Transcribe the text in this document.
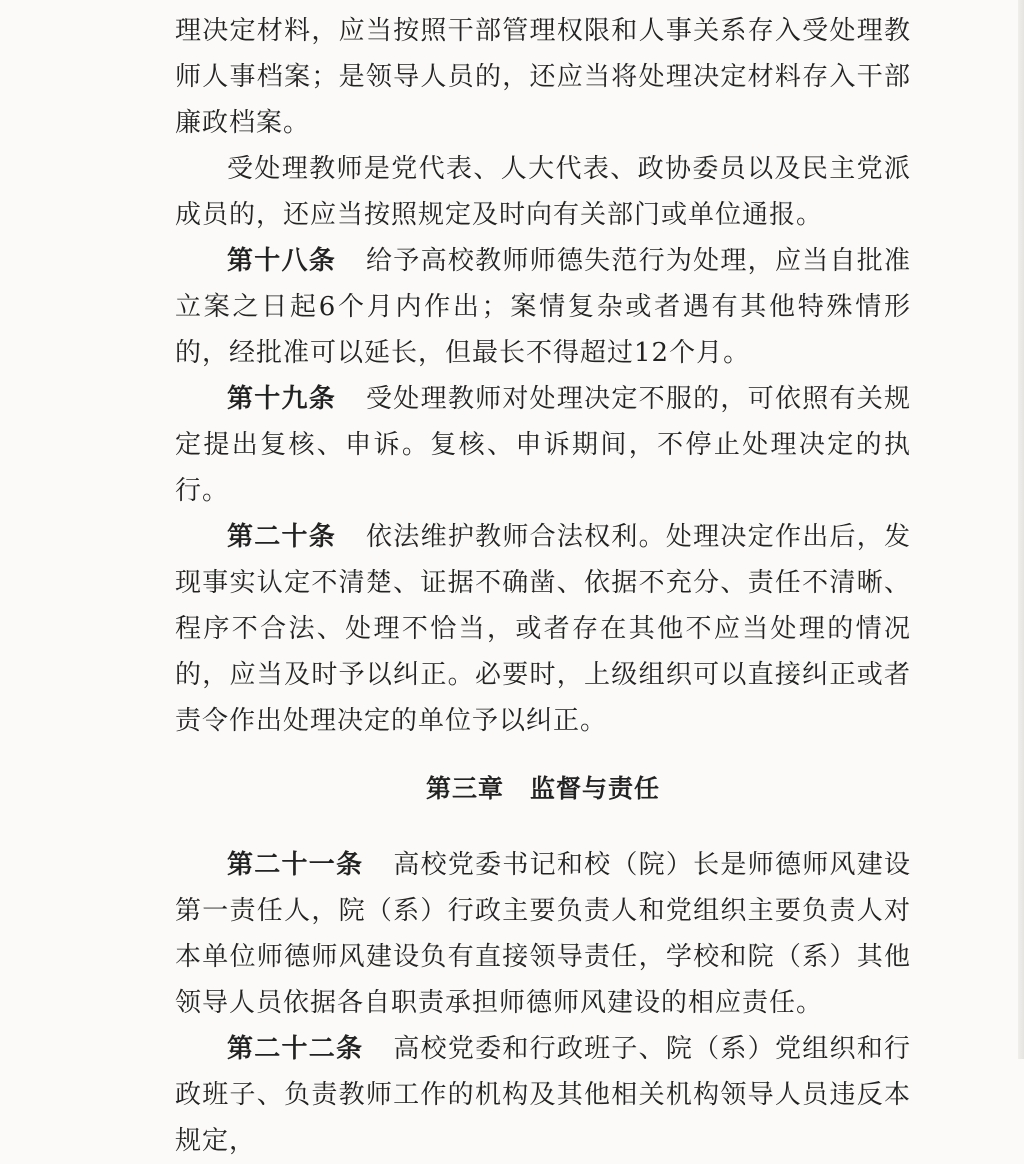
理决定材料，应当按照干部管理权限和人事关系存入受处理教师人事档案；是领导人员的，还应当将处理决定材料存入干部廉政档案。

受处理教师是党代表、人大代表、政协委员以及民主党派成员的，还应当按照规定及时向有关部门或单位通报。

第十八条 给予高校教师师德失范行为处理，应当自批准立案之日起6个月内作出；案情复杂或者遇有其他特殊情形的，经批准可以延长，但最长不得超过12个月。

第十九条 受处理教师对处理决定不服的，可依照有关规定提出复核、申诉。复核、申诉期间，不停止处理决定的执行。

第二十条 依法维护教师合法权利。处理决定作出后，发现事实认定不清楚、证据不确凿、依据不充分、责任不清晰、程序不合法、处理不恰当，或者存在其他不应当处理的情况的，应当及时予以纠正。必要时，上级组织可以直接纠正或者责令作出处理决定的单位予以纠正。

第三章 监督与责任

第二十一条 高校党委书记和校（院）长是师德师风建设第一责任人，院（系）行政主要负责人和党组织主要负责人对本单位师德师风建设负有直接领导责任，学校和院（系）其他领导人员依据各自职责承担师德师风建设的相应责任。

第二十二条 高校党委和行政班子、院（系）党组织和行政班子、负责教师工作的机构及其他相关机构领导人员违反本规定，
